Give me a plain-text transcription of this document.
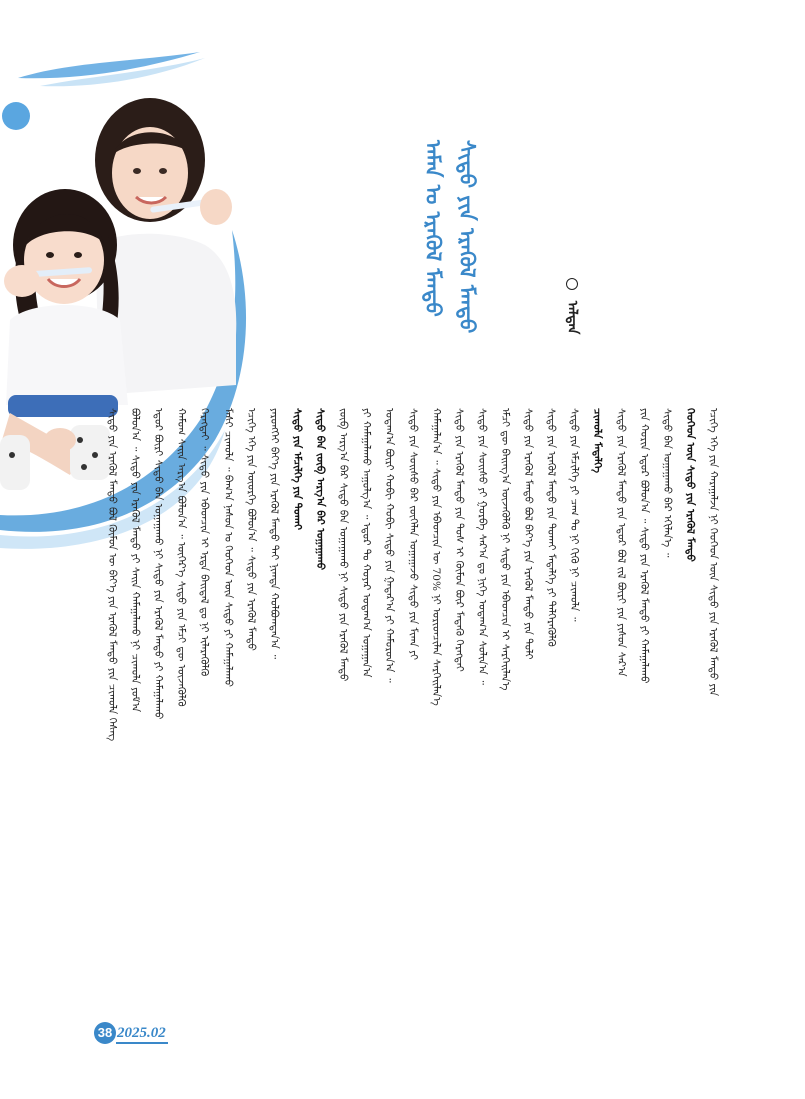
ᠠᠮᠠᠨ ᠤ ᠡᠷᠡᠭᠦᠯ ᠮᠡᠨᠳᠦ ᠰᠢᠳᠦ ᠶᠢᠨ ᠡᠷᠡᠭᠦᠯ ᠮᠡᠨᠳᠦ	ᠠᠯᠳᠠᠨ
ᠰᠢᠳᠦ ᠶᠢᠨ ᠡᠷᠡᠭᠦᠯ ᠮᠡᠨᠳᠦ ᠪᠣᠯ ᠬᠦᠮᠦᠨ ᠦ ᠪᠡᠶ᠎ᠡ ᠶᠢᠨ ᠡᠷᠡᠭᠦᠯ ᠮᠡᠨᠳᠦ ᠶᠢᠨ ᠴᠢᠬᠤᠯᠠ ᠬᠡᠰᠡᠭ	ᠪᠣᠯᠤᠨ᠎ᠠ ᠃ ᠰᠢᠳᠦ ᠶᠢᠨ ᠡᠷᠡᠭᠦᠯ ᠮᠡᠨᠳᠦ ᠶᠢ ᠰᠠᠢᠨ ᠬᠠᠮᠠᠭᠠᠯᠠᠬᠤ ᠨᠢ ᠴᠢᠬᠤᠯᠠ ᠶᠤᠮ᠎ᠠ	ᠡᠳᠦᠷ ᠪᠦᠷᠢ ᠰᠢᠳᠦ ᠪᠡᠨ ᠤᠭᠠᠭᠠᠬᠤ ᠨᠢ ᠰᠢᠳᠦ ᠶᠢᠨ ᠡᠷᠡᠭᠦᠯ ᠮᠡᠨᠳᠦ ᠶᠢ ᠬᠠᠮᠠᠭᠠᠯᠠᠬᠤ	ᠬᠠᠮᠤᠭ ᠰᠠᠢᠨ ᠠᠷᠭ᠎ᠠ ᠪᠣᠯᠤᠨ᠎ᠠ ᠃ ᠥᠭᠡᠷ᠎ᠡ ᠰᠢᠳᠦ ᠶᠢᠨ ᠡᠮᠴᠢ ᠳᠦ ᠦᠵᠡᠭᠦᠯᠬᠦ	ᠬᠡᠷᠡᠭᠲᠡᠢ ᠃ ᠰᠢᠳᠦ ᠶᠢᠨ ᠡᠪᠡᠳᠴᠢᠨ ᠢ ᠡᠷᠲᠡ ᠪᠠᠢᠳᠠᠯ ᠳᠤ ᠨᠢ ᠢᠯᠡᠷᠡᠭᠦᠯᠬᠦ	ᠮᠠᠰᠢ ᠴᠢᠬᠤᠯᠠ ᠃ ᠪᠠᠭ᠎ᠠ ᠨᠠᠰᠤᠨ ᠤ ᠬᠡᠦᠬᠡᠳ ᠦᠨ ᠰᠢᠳᠦ ᠶᠢ ᠬᠠᠮᠠᠭᠠᠯᠠᠬᠤ	ᠡᠴᠢᠭᠡ ᠡᠬᠡ ᠶᠢᠨ ᠦᠦᠷᠭᠡ ᠪᠣᠯᠤᠨ᠎ᠠ ᠃ ᠰᠢᠳᠦ ᠶᠢᠨ ᠡᠷᠡᠭᠦᠯ ᠮᠡᠨᠳᠦ	ᠶᠡᠷᠦᠩᠬᠡᠢ ᠪᠡᠶ᠎ᠡ ᠶᠢᠨ ᠡᠷᠡᠭᠦᠯ ᠮᠡᠨᠳᠦ ᠲᠠᠢ ᠨᠢᠭᠲᠠ ᠬᠣᠯᠪᠣᠭᠳᠠᠨ᠎ᠠ ᠃	ᠰᠢᠳᠦ ᠶᠢᠨ ᠡᠮᠴᠢᠯᠭᠡ ᠶᠢᠨ ᠲᠤᠬᠠᠢ	ᠰᠢᠳᠦ ᠪᠡᠨ ᠵᠥᠪ ᠠᠷᠭ᠎ᠠ ᠪᠠᠷ ᠤᠭᠠᠭᠠᠬᠤ	ᠵᠥᠪ ᠠᠷᠭ᠎ᠠ ᠪᠠᠷ ᠰᠢᠳᠦ ᠪᠡᠨ ᠤᠭᠠᠭᠠᠬᠤ ᠨᠢ ᠰᠢᠳᠦ ᠶᠢᠨ ᠡᠷᠡᠭᠦᠯ ᠮᠡᠨᠳᠦ	ᠶᠢ ᠬᠠᠮᠠᠭᠠᠯᠠᠬᠤ ᠠᠭᠤᠯᠭ᠎ᠠ ᠃ ᠡᠳᠦᠷ ᠲᠤ ᠬᠣᠶᠠᠷ ᠤᠳᠠᠭ᠎ᠠ ᠤᠭᠠᠭᠠᠨ᠎ᠠ	ᠤᠳᠠᠭ᠎ᠠ ᠪᠦᠷᠢ ᠬᠤᠪᠢ ᠬᠤᠪᠢ ᠰᠢᠳᠦ ᠶᠢᠨ ᠭᠠᠳᠠᠷ᠎ᠠ ᠶᠢ ᠬᠠᠮᠤᠷᠤᠨ᠎ᠠ ᠃	ᠰᠢᠳᠦ ᠶᠢᠨ ᠰᠣᠢᠰᠤ ᠪᠠᠷ ᠵᠥᠭᠡᠯᠡᠨ ᠤᠭᠠᠭᠠᠵᠤ ᠰᠢᠳᠦ ᠶᠢᠨ ᠮᠢᠬᠠ ᠶᠢ	ᠬᠠᠮᠠᠭᠠᠯᠠᠨ᠎ᠠ ᠃ ᠰᠢᠳᠦ ᠶᠢᠨ ᠡᠪᠡᠳᠴᠢᠨ ᠦ 70% ᠨᠢ ᠤᠷᠢᠳᠴᠢᠯᠠᠨ ᠰᠡᠷᠭᠡᠢᠯᠡᠨ᠎ᠡ	ᠰᠢᠳᠦ ᠶᠢᠨ ᠡᠷᠡᠭᠦᠯ ᠮᠡᠨᠳᠦ ᠶᠢᠨ ᠲᠤᠰ ᠢ ᠬᠦᠮᠦᠨ ᠪᠦᠷ ᠮᠡᠳᠡᠬᠦ ᠬᠡᠷᠡᠭᠲᠡᠢ	ᠰᠢᠳᠦ ᠶᠢᠨ ᠰᠣᠢᠰᠤ ᠶᠢ ᠭᠤᠷᠪᠠ ᠰᠠᠷ᠎ᠠ ᠳᠤ ᠨᠢᠭᠡ ᠤᠳᠠᠭ᠎ᠠ ᠰᠣᠯᠢᠨ᠎ᠠ ᠃	ᠡᠮᠴᠢ ᠳᠦ ᠪᠠᠢᠨᠭ᠎ᠠ ᠦᠵᠡᠭᠦᠯᠬᠦ ᠨᠢ ᠰᠢᠳᠦ ᠶᠢᠨ ᠡᠪᠡᠳᠴᠢᠨ ᠢ ᠰᠡᠷᠭᠡᠢᠯᠡᠨ᠎ᠡ	ᠰᠢᠳᠦ ᠶᠢᠨ ᠡᠷᠡᠭᠦᠯ ᠮᠡᠨᠳᠦ ᠪᠣᠯ ᠪᠡᠶ᠎ᠡ ᠶᠢᠨ ᠡᠷᠡᠭᠦᠯ ᠮᠡᠨᠳᠦ ᠶᠢᠨ ᠲᠣᠯᠢ	ᠰᠢᠳᠦ ᠶᠢᠨ ᠡᠷᠡᠭᠦᠯ ᠮᠡᠨᠳᠦ ᠶᠢᠨ ᠲᠤᠬᠠᠢ ᠮᠡᠳᠡᠯᠭᠡ ᠶᠢ ᠳᠡᠯᠭᠡᠷᠡᠭᠦᠯᠬᠦ	ᠰᠢᠳᠦ ᠶᠢᠨ ᠡᠮᠴᠢᠯᠭᠡ ᠶᠢ ᠴᠠᠭ ᠲᠤ ᠨᠢ ᠬᠢᠬᠦ ᠨᠢ ᠴᠢᠬᠤᠯᠠ ᠃	ᠴᠢᠬᠤᠯᠠ ᠮᠡᠳᠡᠯᠭᠡ	ᠰᠢᠳᠦ ᠶᠢᠨ ᠡᠷᠡᠭᠦᠯ ᠮᠡᠨᠳᠦ ᠶᠢᠨ ᠡᠳᠦᠷ ᠪᠣᠯ ᠵᠢᠯ ᠪᠦᠷᠢ ᠶᠢᠨ ᠶᠢᠰᠦᠨ ᠰᠠᠷ᠎ᠠ	ᠶᠢᠨ ᠬᠣᠷᠢᠨ ᠡᠳᠦᠷ ᠪᠣᠯᠤᠨ᠎ᠠ ᠃ ᠰᠢᠳᠦ ᠶᠢᠨ ᠡᠷᠡᠭᠦᠯ ᠮᠡᠨᠳᠦ ᠶᠢ ᠬᠠᠮᠠᠭᠠᠯᠠᠬᠤ	ᠰᠢᠳᠦ ᠪᠡᠨ ᠤᠭᠠᠭᠠᠬᠤ ᠪᠠᠷ ᠡᠬᠢᠯᠡᠨ᠎ᠡ ᠃	ᠬᠡᠦᠬᠡᠳ ᠦᠨ ᠰᠢᠳᠦ ᠶᠢᠨ ᠡᠷᠡᠭᠦᠯ ᠮᠡᠨᠳᠦ	ᠡᠴᠢᠭᠡ ᠡᠬᠡ ᠶᠢᠨ ᠬᠠᠷᠠᠭᠠᠯᠵᠠ ᠨᠢ ᠬᠡᠦᠬᠡᠳ ᠦᠨ ᠰᠢᠳᠦ ᠶᠢᠨ ᠡᠷᠡᠭᠦᠯ ᠮᠡᠨᠳᠦ ᠶᠢᠨ
38 2025.02
